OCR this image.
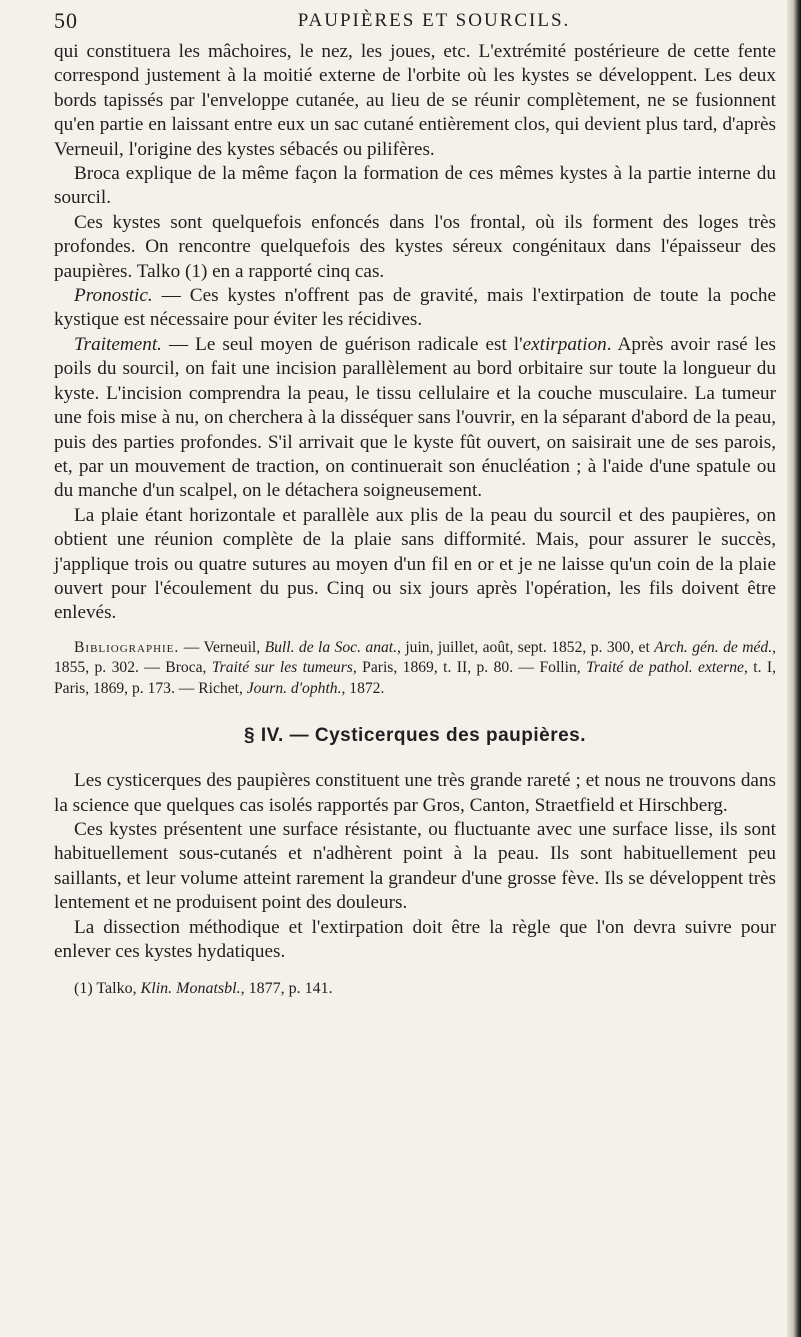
50	PAUPIÈRES ET SOURCILS.

qui constituera les mâchoires, le nez, les joues, etc. L'extrémité postérieure de cette fente correspond justement à la moitié externe de l'orbite où les kystes se développent. Les deux bords tapissés par l'enveloppe cutanée, au lieu de se réunir complètement, ne se fusionnent qu'en partie en laissant entre eux un sac cutané entièrement clos, qui devient plus tard, d'après Verneuil, l'origine des kystes sébacés ou pilifères.

Broca explique de la même façon la formation de ces mêmes kystes à la partie interne du sourcil.

Ces kystes sont quelquefois enfoncés dans l'os frontal, où ils forment des loges très profondes. On rencontre quelquefois des kystes séreux congénitaux dans l'épaisseur des paupières. Talko (1) en a rapporté cinq cas.

Pronostic. — Ces kystes n'offrent pas de gravité, mais l'extirpation de toute la poche kystique est nécessaire pour éviter les récidives.

Traitement. — Le seul moyen de guérison radicale est l'extirpation. Après avoir rasé les poils du sourcil, on fait une incision parallèlement au bord orbitaire sur toute la longueur du kyste. L'incision comprendra la peau, le tissu cellulaire et la couche musculaire. La tumeur une fois mise à nu, on cherchera à la disséquer sans l'ouvrir, en la séparant d'abord de la peau, puis des parties profondes. S'il arrivait que le kyste fût ouvert, on saisirait une de ses parois, et, par un mouvement de traction, on continuerait son énucléation ; à l'aide d'une spatule ou du manche d'un scalpel, on le détachera soigneusement.

La plaie étant horizontale et parallèle aux plis de la peau du sourcil et des paupières, on obtient une réunion complète de la plaie sans difformité. Mais, pour assurer le succès, j'applique trois ou quatre sutures au moyen d'un fil en or et je ne laisse qu'un coin de la plaie ouvert pour l'écoulement du pus. Cinq ou six jours après l'opération, les fils doivent être enlevés.

Bibliographie. — Verneuil, Bull. de la Soc. anat., juin, juillet, août, sept. 1852, p. 300, et Arch. gén. de méd., 1855, p. 302. — Broca, Traité sur les tumeurs, Paris, 1869, t. II, p. 80. — Follin, Traité de pathol. externe, t. I, Paris, 1869, p. 173. — Richet, Journ. d'ophth., 1872.
§ IV. — Cysticerques des paupières.

Les cysticerques des paupières constituent une très grande rareté ; et nous ne trouvons dans la science que quelques cas isolés rapportés par Gros, Canton, Straetfield et Hirschberg.

Ces kystes présentent une surface résistante, ou fluctuante avec une surface lisse, ils sont habituellement sous-cutanés et n'adhèrent point à la peau. Ils sont habituellement peu saillants, et leur volume atteint rarement la grandeur d'une grosse fève. Ils se développent très lentement et ne produisent point des douleurs.

La dissection méthodique et l'extirpation doit être la règle que l'on devra suivre pour enlever ces kystes hydatiques.

(1) Talko, Klin. Monatsbl., 1877, p. 141.
